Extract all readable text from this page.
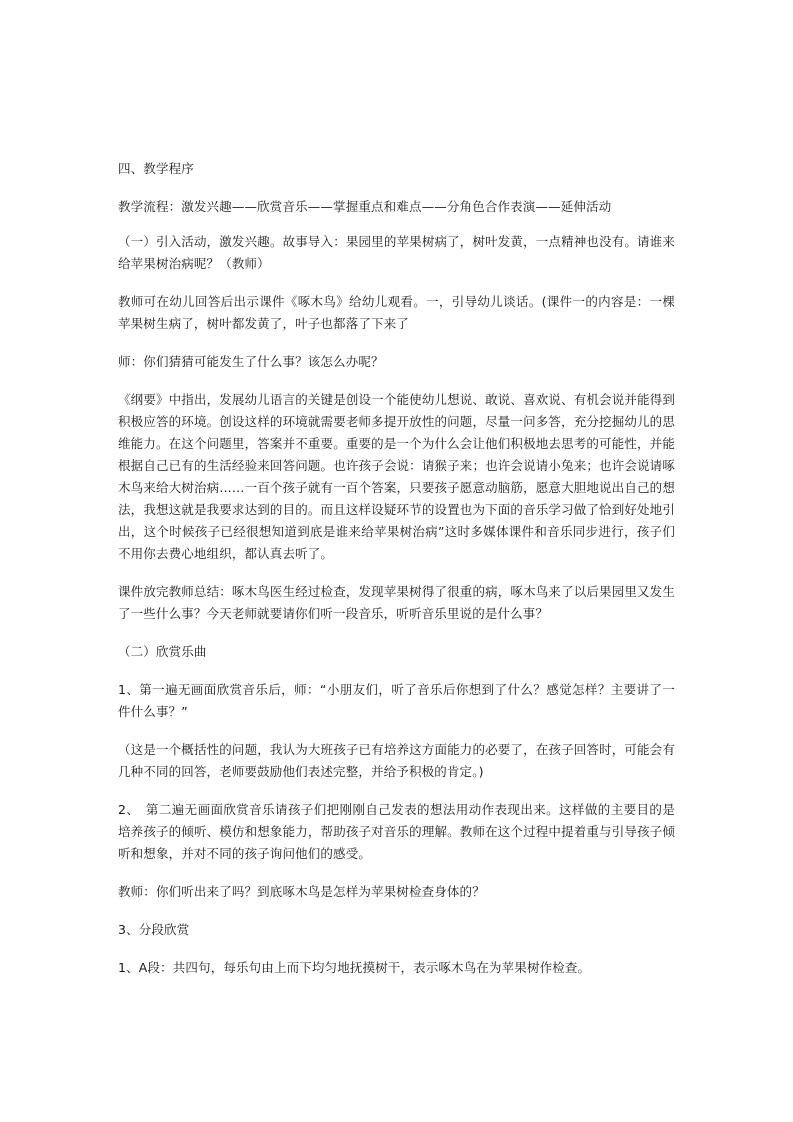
四、教学程序

教学流程：激发兴趣——欣赏音乐——掌握重点和难点——分角色合作表演——延伸活动

（一）引入活动，激发兴趣。故事导入：果园里的苹果树病了，树叶发黄，一点精神也没有。请谁来给苹果树治病呢？（教师）

教师可在幼儿回答后出示课件《啄木鸟》给幼儿观看。一，引导幼儿谈话。(课件一的内容是：一棵苹果树生病了，树叶都发黄了，叶子也都落了下来了

师：你们猜猜可能发生了什么事？该怎么办呢？

《纲要》中指出，发展幼儿语言的关键是创设一个能使幼儿想说、敢说、喜欢说、有机会说并能得到积极应答的环境。创设这样的环境就需要老师多提开放性的问题，尽量一问多答，充分挖掘幼儿的思维能力。在这个问题里，答案并不重要。重要的是一个为什么会让他们积极地去思考的可能性，并能根据自己已有的生活经验来回答问题。也许孩子会说：请猴子来；也许会说请小兔来；也许会说请啄木鸟来给大树治病……一百个孩子就有一百个答案，只要孩子愿意动脑筋，愿意大胆地说出自己的想法，我想这就是我要求达到的目的。而且这样设疑环节的设置也为下面的音乐学习做了恰到好处地引出，这个时候孩子已经很想知道到底是谁来给苹果树治病”这时多媒体课件和音乐同步进行，孩子们不用你去费心地组织，都认真去听了。

课件放完教师总结：啄木鸟医生经过检查，发现苹果树得了很重的病，啄木鸟来了以后果园里又发生了一些什么事？今天老师就要请你们听一段音乐，听听音乐里说的是什么事？

（二）欣赏乐曲

1、第一遍无画面欣赏音乐后，师：“小朋友们，听了音乐后你想到了什么？感觉怎样？主要讲了一件什么事？”

（这是一个概括性的问题，我认为大班孩子已有培养这方面能力的必要了，在孩子回答时，可能会有几种不同的回答，老师要鼓励他们表述完整，并给予积极的肯定。)

2、　第二遍无画面欣赏音乐请孩子们把刚刚自己发表的想法用动作表现出来。这样做的主要目的是培养孩子的倾听、模仿和想象能力，帮助孩子对音乐的理解。教师在这个过程中提着重与引导孩子倾听和想象，并对不同的孩子询问他们的感受。

教师：你们听出来了吗？到底啄木鸟是怎样为苹果树检查身体的？

3、分段欣赏

1、A段：共四句，每乐句由上而下均匀地抚摸树干，表示啄木鸟在为苹果树作检查。
